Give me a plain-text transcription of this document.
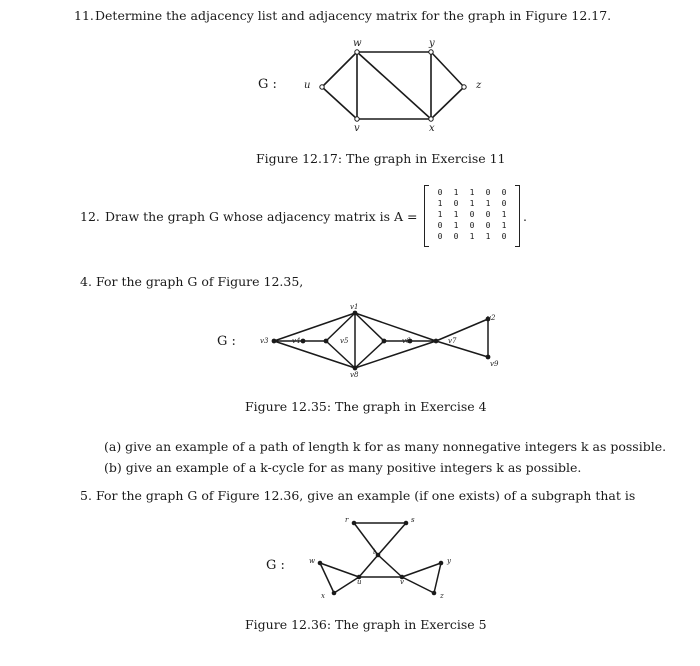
11. Determine the adjacency list and adjacency matrix for the graph in Figure 12.17.
G :
w	y
u	z
v	x
Figure 12.17: The graph in Exercise 11
12. Draw the graph G whose adjacency matrix is A =
0	1	1	0	0
1	0	1	1	0
1	1	0	0	1
0	1	0	0	1
0	0	1	1	0
.
4. For the graph G of Figure 12.35,
G :
v1
v2
v3	v4	v5	v6	v7
v8
v9
Figure 12.35: The graph in Exercise 4
(a) give an example of a path of length k for as many nonnegative integers k as possible.
(b) give an example of a k-cycle for as many positive integers k as possible.
5. For the graph G of Figure 12.36, give an example (if one exists) of a subgraph that is
G :
r	s
t
w	y
u	v
x	z
Figure 12.36: The graph in Exercise 5
